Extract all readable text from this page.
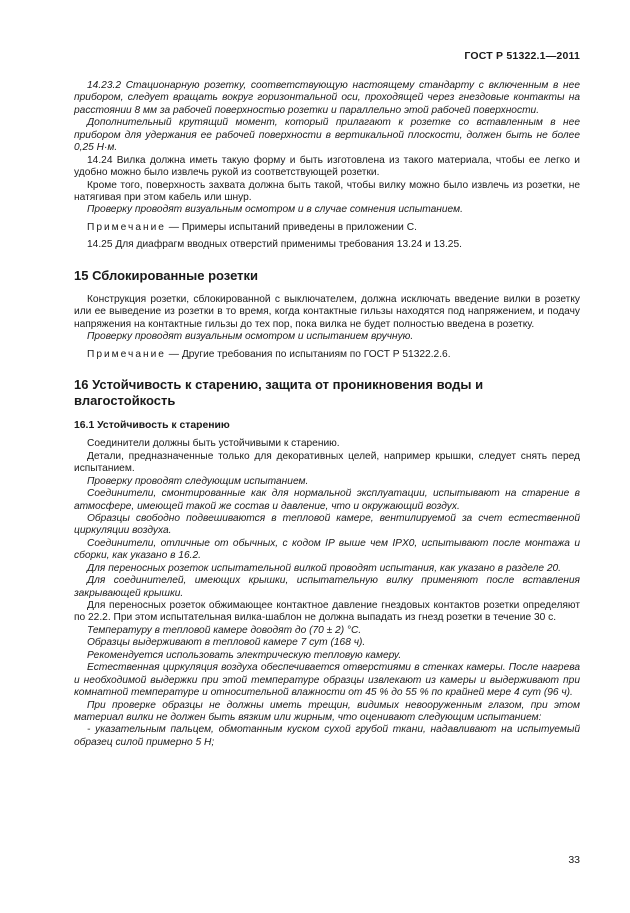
ГОСТ Р 51322.1—2011
14.23.2 Стационарную розетку, соответствующую настоящему стандарту с включенным в нее прибором, следует вращать вокруг горизонтальной оси, проходящей через гнездовые контакты на расстоянии 8 мм за рабочей поверхностью розетки и параллельно этой рабочей поверхности.
Дополнительный крутящий момент, который прилагают к розетке со вставленным в нее прибором для удержания ее рабочей поверхности в вертикальной плоскости, должен быть не более 0,25 Н·м.
14.24 Вилка должна иметь такую форму и быть изготовлена из такого материала, чтобы ее легко и удобно можно было извлечь рукой из соответствующей розетки.
Кроме того, поверхность захвата должна быть такой, чтобы вилку можно было извлечь из розетки, не натягивая при этом кабель или шнур.
Проверку проводят визуальным осмотром и в случае сомнения испытанием.
Примечание — Примеры испытаний приведены в приложении С.
14.25 Для диафрагм вводных отверстий применимы требования 13.24 и 13.25.
15 Сблокированные розетки
Конструкция розетки, сблокированной с выключателем, должна исключать введение вилки в розетку или ее выведение из розетки в то время, когда контактные гильзы находятся под напряжением, и подачу напряжения на контактные гильзы до тех пор, пока вилка не будет полностью введена в розетку.
Проверку проводят визуальным осмотром и испытанием вручную.
Примечание — Другие требования по испытаниям по ГОСТ Р 51322.2.6.
16 Устойчивость к старению, защита от проникновения воды и влагостойкость
16.1 Устойчивость к старению
Соединители должны быть устойчивыми к старению.
Детали, предназначенные только для декоративных целей, например крышки, следует снять перед испытанием.
Проверку проводят следующим испытанием.
Соединители, смонтированные как для нормальной эксплуатации, испытывают на старение в атмосфере, имеющей такой же состав и давление, что и окружающий воздух.
Образцы свободно подвешиваются в тепловой камере, вентилируемой за счет естественной циркуляции воздуха.
Соединители, отличные от обычных, с кодом IP выше чем IPX0, испытывают после монтажа и сборки, как указано в 16.2.
Для переносных розеток испытательной вилкой проводят испытания, как указано в разделе 20.
Для соединителей, имеющих крышки, испытательную вилку применяют после вставления закрывающей крышки.
Для переносных розеток обжимающее контактное давление гнездовых контактов розетки определяют по 22.2. При этом испытательная вилка-шаблон не должна выпадать из гнезд розетки в течение 30 с.
Температуру в тепловой камере доводят до (70 ± 2) °С.
Образцы выдерживают в тепловой камере 7 сут (168 ч).
Рекомендуется использовать электрическую тепловую камеру.
Естественная циркуляция воздуха обеспечивается отверстиями в стенках камеры. После нагрева и необходимой выдержки при этой температуре образцы извлекают из камеры и выдерживают при комнатной температуре и относительной влажности от 45 % до 55 % по крайней мере 4 сут (96 ч).
При проверке образцы не должны иметь трещин, видимых невооруженным глазом, при этом материал вилки не должен быть вязким или жирным, что оценивают следующим испытанием:
- указательным пальцем, обмотанным куском сухой грубой ткани, надавливают на испытуемый образец силой примерно 5 Н;
33
